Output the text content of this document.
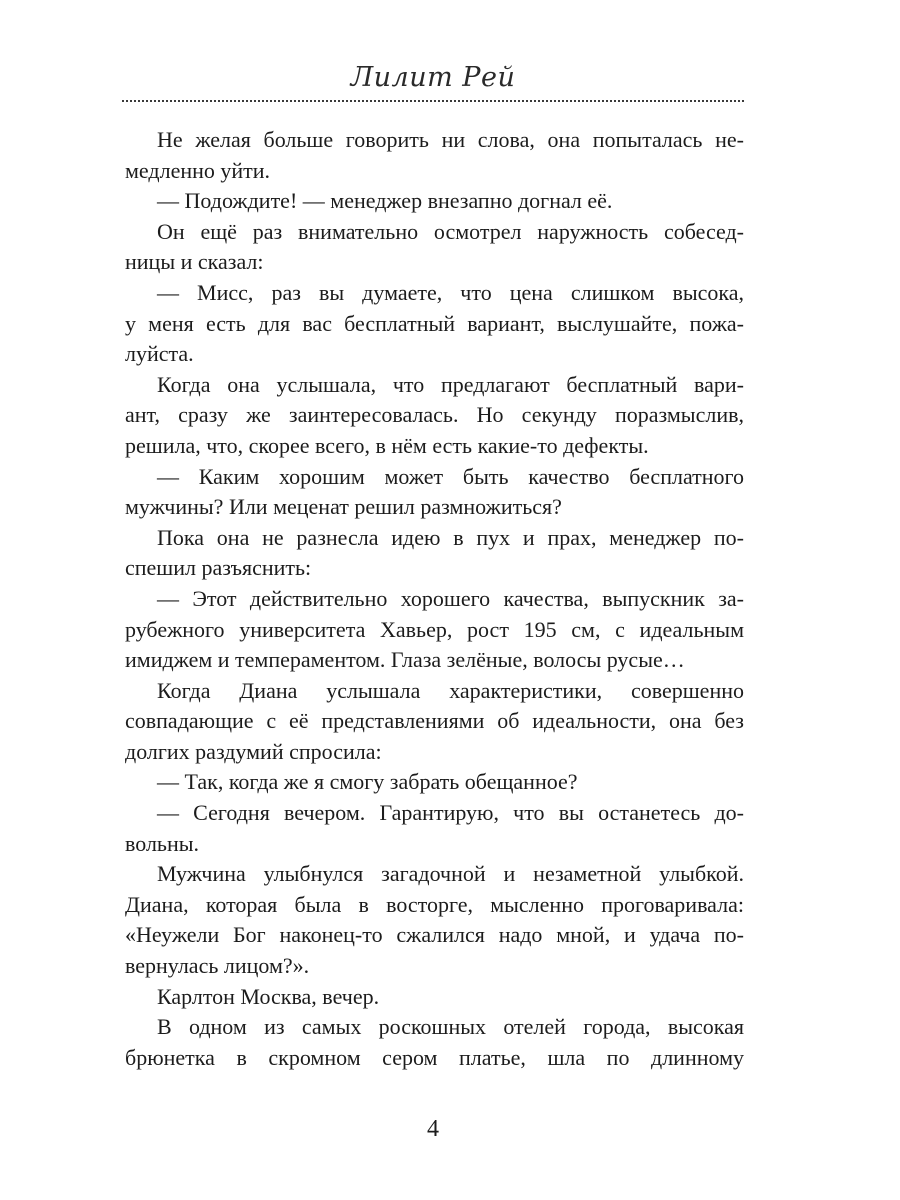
Лилит Рей
Не желая больше говорить ни слова, она попыталась не-
медленно уйти.
— Подождите! — менеджер внезапно догнал её.
Он ещё раз внимательно осмотрел наружность собесед-
ницы и сказал:
— Мисс, раз вы думаете, что цена слишком высока,
у меня есть для вас бесплатный вариант, выслушайте, пожа-
луйста.
Когда она услышала, что предлагают бесплатный вари-
ант, сразу же заинтересовалась. Но секунду поразмыслив,
решила, что, скорее всего, в нём есть какие-то дефекты.
— Каким хорошим может быть качество бесплатного
мужчины? Или меценат решил размножиться?
Пока она не разнесла идею в пух и прах, менеджер по-
спешил разъяснить:
— Этот действительно хорошего качества, выпускник за-
рубежного университета Хавьер, рост 195 см, с идеальным
имиджем и темпераментом. Глаза зелёные, волосы русые…
Когда Диана услышала характеристики, совершенно
совпадающие с её представлениями об идеальности, она без
долгих раздумий спросила:
— Так, когда же я смогу забрать обещанное?
— Сегодня вечером. Гарантирую, что вы останетесь до-
вольны.
Мужчина улыбнулся загадочной и незаметной улыбкой.
Диана, которая была в восторге, мысленно проговаривала:
«Неужели Бог наконец-то сжалился надо мной, и удача по-
вернулась лицом?».
Карлтон Москва, вечер.
В одном из самых роскошных отелей города, высокая
брюнетка в скромном сером платье, шла по длинному
4
